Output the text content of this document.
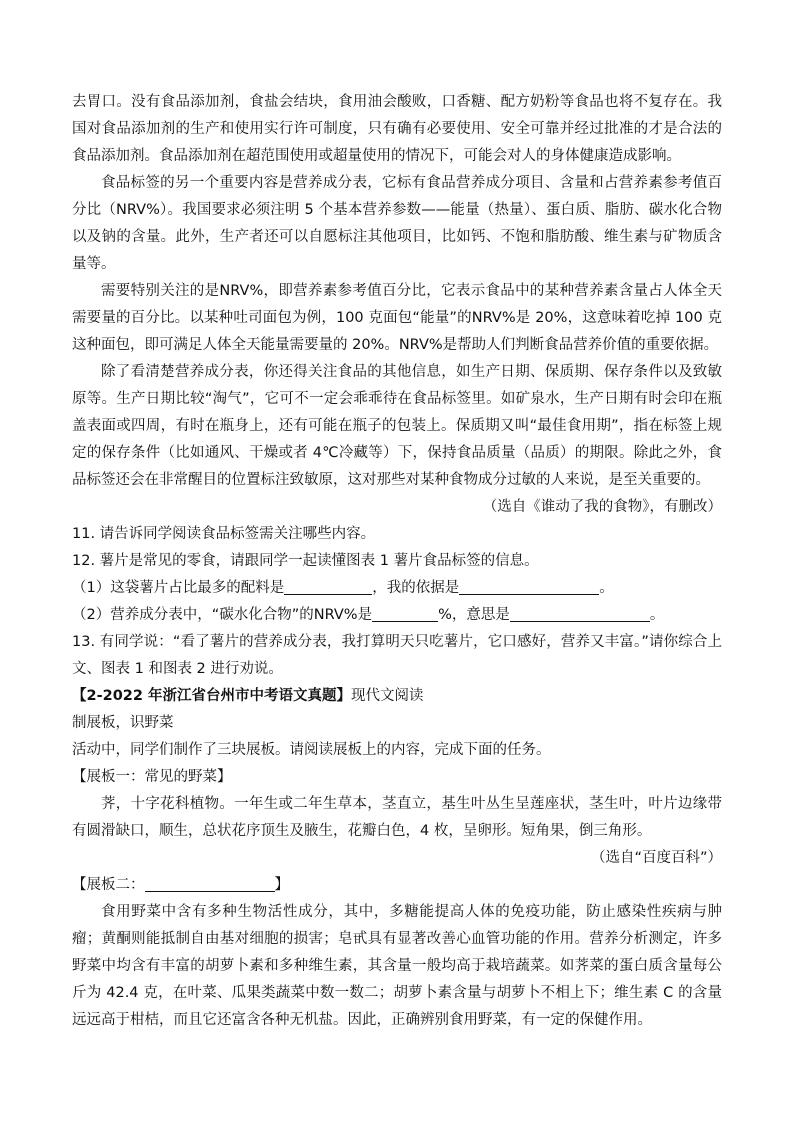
去胃口。没有食品添加剂，食盐会结块，食用油会酸败，口香糖、配方奶粉等食品也将不复存在。我国对食品添加剂的生产和使用实行许可制度，只有确有必要使用、安全可靠并经过批准的才是合法的食品添加剂。食品添加剂在超范围使用或超量使用的情况下，可能会对人的身体健康造成影响。

食品标签的另一个重要内容是营养成分表，它标有食品营养成分项目、含量和占营养素参考值百分比（NRV%）。我国要求必须注明 5 个基本营养参数——能量（热量）、蛋白质、脂肪、碳水化合物以及钠的含量。此外，生产者还可以自愿标注其他项目，比如钙、不饱和脂肪酸、维生素与矿物质含量等。

需要特别关注的是NRV%，即营养素参考值百分比，它表示食品中的某种营养素含量占人体全天需要量的百分比。以某种吐司面包为例，100 克面包“能量”的NRV%是 20%，这意味着吃掉 100 克这种面包，即可满足人体全天能量需要量的 20%。NRV%是帮助人们判断食品营养价值的重要依据。

除了看清楚营养成分表，你还得关注食品的其他信息，如生产日期、保质期、保存条件以及致敏原等。生产日期比较“淘气”，它可不一定会乖乖待在食品标签里。如矿泉水，生产日期有时会印在瓶盖表面或四周，有时在瓶身上，还有可能在瓶子的包装上。保质期又叫“最佳食用期”，指在标签上规定的保存条件（比如通风、干燥或者 4℃冷藏等）下，保持食品质量（品质）的期限。除此之外，食品标签还会在非常醒目的位置标注致敏原，这对那些对某种食物成分过敏的人来说，是至关重要的。

（选自《谁动了我的食物》，有删改）

11. 请告诉同学阅读食品标签需关注哪些内容。

12. 薯片是常见的零食，请跟同学一起读懂图表 1 薯片食品标签的信息。

（1）这袋薯片占比最多的配料是	，我的依据是	。

（2）营养成分表中，“碳水化合物”的NRV%是	%，意思是	。

13. 有同学说：“看了薯片的营养成分表，我打算明天只吃薯片，它口感好，营养又丰富。”请你综合上文、图表 1 和图表 2 进行劝说。

【2-2022 年浙江省台州市中考语文真题】现代文阅读

制展板，识野菜

活动中，同学们制作了三块展板。请阅读展板上的内容，完成下面的任务。

【展板一：常见的野菜】

荠，十字花科植物。一年生或二年生草本，茎直立，基生叶丛生呈莲座状，茎生叶，叶片边缘带有圆滑缺口，顺生，总状花序顶生及腋生，花瓣白色，4 枚，呈卵形。短角果，倒三角形。

（选自“百度百科”）

【展板二：	】

食用野菜中含有多种生物活性成分，其中，多糖能提高人体的免疫功能，防止感染性疾病与肿瘤；黄酮则能抵制自由基对细胞的损害；皂甙具有显著改善心血管功能的作用。营养分析测定，许多野菜中均含有丰富的胡萝卜素和多种维生素，其含量一般均高于栽培蔬菜。如荠菜的蛋白质含量每公斤为 42.4 克，在叶菜、瓜果类蔬菜中数一数二；胡萝卜素含量与胡萝卜不相上下；维生素 C 的含量远远高于柑桔，而且它还富含各种无机盐。因此，正确辨别食用野菜，有一定的保健作用。
